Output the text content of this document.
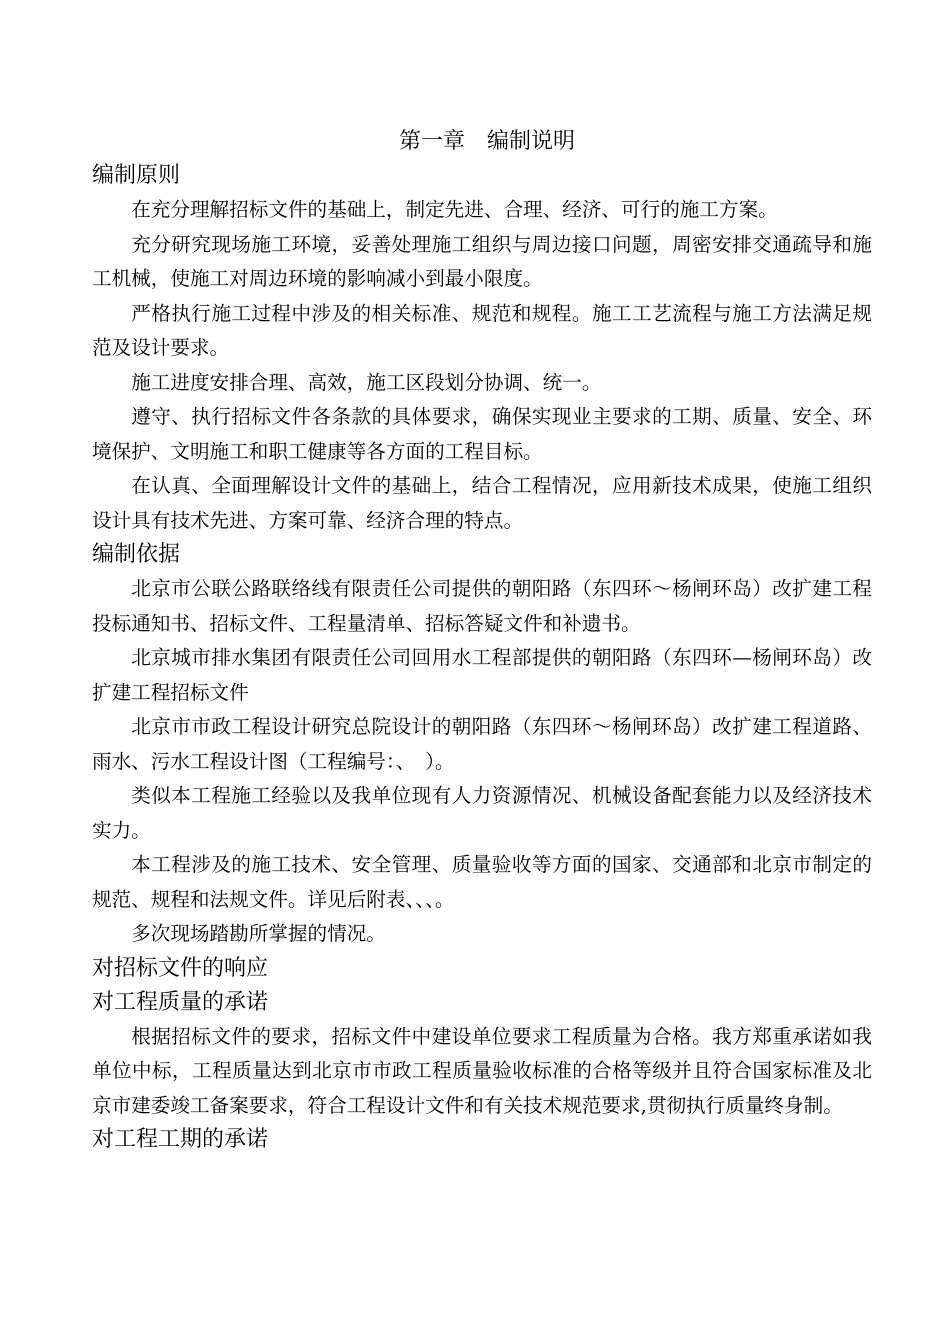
第一章　编制说明
编制原则

在充分理解招标文件的基础上，制定先进、合理、经济、可行的施工方案。

充分研究现场施工环境，妥善处理施工组织与周边接口问题，周密安排交通疏导和施工机械，使施工对周边环境的影响减小到最小限度。

严格执行施工过程中涉及的相关标准、规范和规程。施工工艺流程与施工方法满足规范及设计要求。

施工进度安排合理、高效，施工区段划分协调、统一。

遵守、执行招标文件各条款的具体要求，确保实现业主要求的工期、质量、安全、环境保护、文明施工和职工健康等各方面的工程目标。

在认真、全面理解设计文件的基础上，结合工程情况，应用新技术成果，使施工组织设计具有技术先进、方案可靠、经济合理的特点。

编制依据

北京市公联公路联络线有限责任公司提供的朝阳路（东四环～杨闸环岛）改扩建工程投标通知书、招标文件、工程量清单、招标答疑文件和补遗书。

北京城市排水集团有限责任公司回用水工程部提供的朝阳路（东四环—杨闸环岛）改扩建工程招标文件

北京市市政工程设计研究总院设计的朝阳路（东四环～杨闸环岛）改扩建工程道路、雨水、污水工程设计图（工程编号：、　）。

类似本工程施工经验以及我单位现有人力资源情况、机械设备配套能力以及经济技术实力。

本工程涉及的施工技术、安全管理、质量验收等方面的国家、交通部和北京市制定的规范、规程和法规文件。详见后附表、、、。

多次现场踏勘所掌握的情况。

对招标文件的响应
对工程质量的承诺

根据招标文件的要求，招标文件中建设单位要求工程质量为合格。我方郑重承诺如我单位中标，工程质量达到北京市市政工程质量验收标准的合格等级并且符合国家标准及北京市建委竣工备案要求，符合工程设计文件和有关技术规范要求,贯彻执行质量终身制。

对工程工期的承诺
